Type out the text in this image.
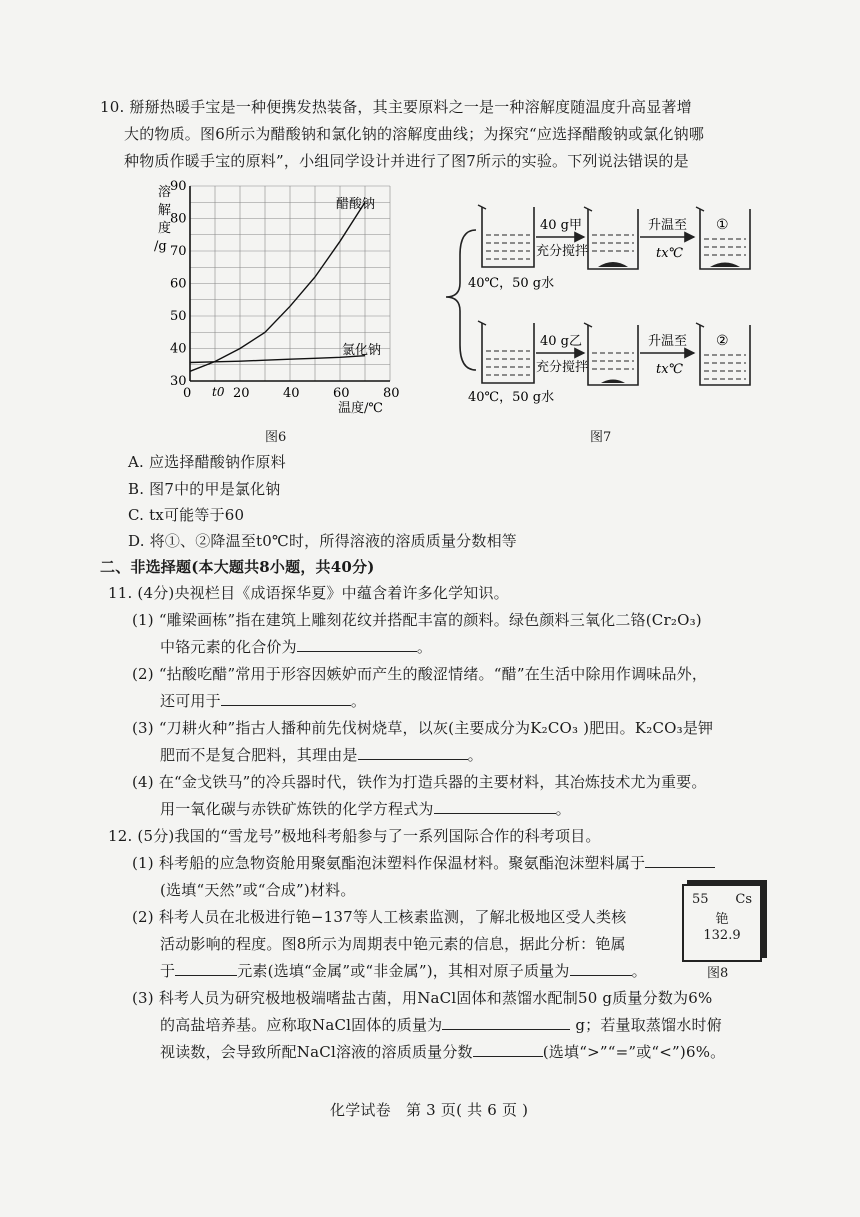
10. 掰掰热暖手宝是一种便携发热装备，其主要原料之一是一种溶解度随温度升高显著增
大的物质。图6所示为醋酸钠和氯化钠的溶解度曲线；为探究“应选择醋酸钠或氯化钠哪
种物质作暖手宝的原料”，小组同学设计并进行了图7所示的实验。下列说法错误的是
30
40
50
60
70
80
90
0	20	40	60	80
溶
解
度
/g
温度/℃
醋酸钠
氯化钠
t0
图6
40 g甲
充分搅拌
升温至
tx℃
①
40℃，50 g水
40 g乙
充分搅拌
升温至
tx℃
②
40℃，50 g水
图7
A. 应选择醋酸钠作原料
B. 图7中的甲是氯化钠
C. tx可能等于60
D. 将①、②降温至t0℃时，所得溶液的溶质质量分数相等
二、非选择题(本大题共8小题，共40分)
11. (4分)央视栏目《成语探华夏》中蕴含着许多化学知识。
(1) “雕梁画栋”指在建筑上雕刻花纹并搭配丰富的颜料。绿色颜料三氧化二铬(Cr₂O₃)
中铬元素的化合价为	。
(2) “拈酸吃醋”常用于形容因嫉妒而产生的酸涩情绪。“醋”在生活中除用作调味品外，
还可用于	。
(3) “刀耕火种”指古人播种前先伐树烧草，以灰(主要成分为K₂CO₃ )肥田。K₂CO₃是钾
肥而不是复合肥料，其理由是	。
(4) 在“金戈铁马”的冷兵器时代，铁作为打造兵器的主要材料，其冶炼技术尤为重要。
用一氧化碳与赤铁矿炼铁的化学方程式为	。
12. (5分)我国的“雪龙号”极地科考船参与了一系列国际合作的科考项目。
(1) 科考船的应急物资舱用聚氨酯泡沫塑料作保温材料。聚氨酯泡沫塑料属于
(选填“天然”或“合成”)材料。
(2) 科考人员在北极进行铯−137等人工核素监测，了解北极地区受人类核
活动影响的程度。图8所示为周期表中铯元素的信息，据此分析：铯属
于	元素(选填“金属”或“非金属”)，其相对原子质量为	。
55 Cs
铯
132.9
图8
(3) 科考人员为研究极地极端嗜盐古菌，用NaCl固体和蒸馏水配制50 g质量分数为6%
的高盐培养基。应称取NaCl固体的质量为	g；若量取蒸馏水时俯
视读数，会导致所配NaCl溶液的溶质质量分数	(选填“>”“=”或“<”)6%。
化学试卷　第 3 页( 共 6 页 )
